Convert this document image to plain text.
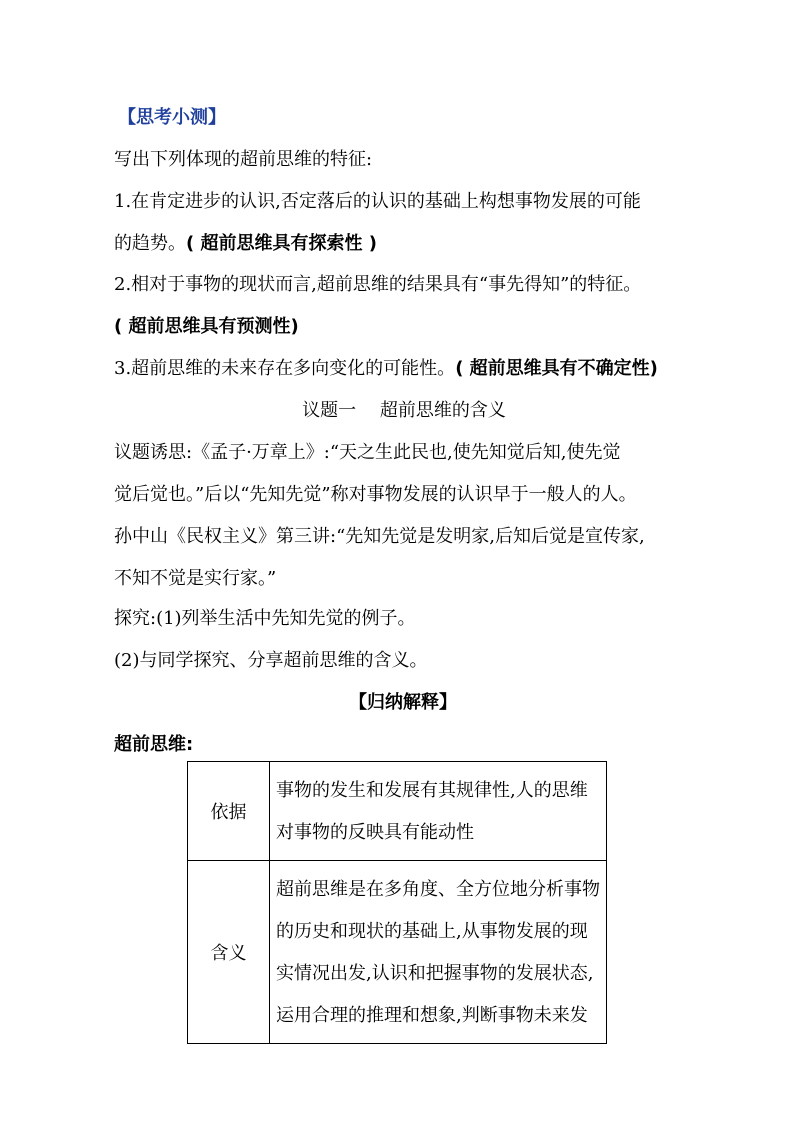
【思考小测】
写出下列体现的超前思维的特征:
1.在肯定进步的认识,否定落后的认识的基础上构想事物发展的可能
的趋势。( 超前思维具有探索性 )
2.相对于事物的现状而言,超前思维的结果具有“事先得知”的特征。
( 超前思维具有预测性)
3.超前思维的未来存在多向变化的可能性。( 超前思维具有不确定性)
议题一　 超前思维的含义
议题诱思:《孟子·万章上》:“天之生此民也,使先知觉后知,使先觉
觉后觉也。”后以“先知先觉”称对事物发展的认识早于一般人的人。
孙中山《民权主义》第三讲:“先知先觉是发明家,后知后觉是宣传家,
不知不觉是实行家。”
探究:(1)列举生活中先知先觉的例子。
(2)与同学探究、分享超前思维的含义。
【归纳解释】
超前思维:
依据	事物的发生和发展有其规律性,人的思维
对事物的反映具有能动性

含义	超前思维是在多角度、全方位地分析事物
的历史和现状的基础上,从事物发展的现
实情况出发,认识和把握事物的发展状态,
运用合理的推理和想象,判断事物未来发
